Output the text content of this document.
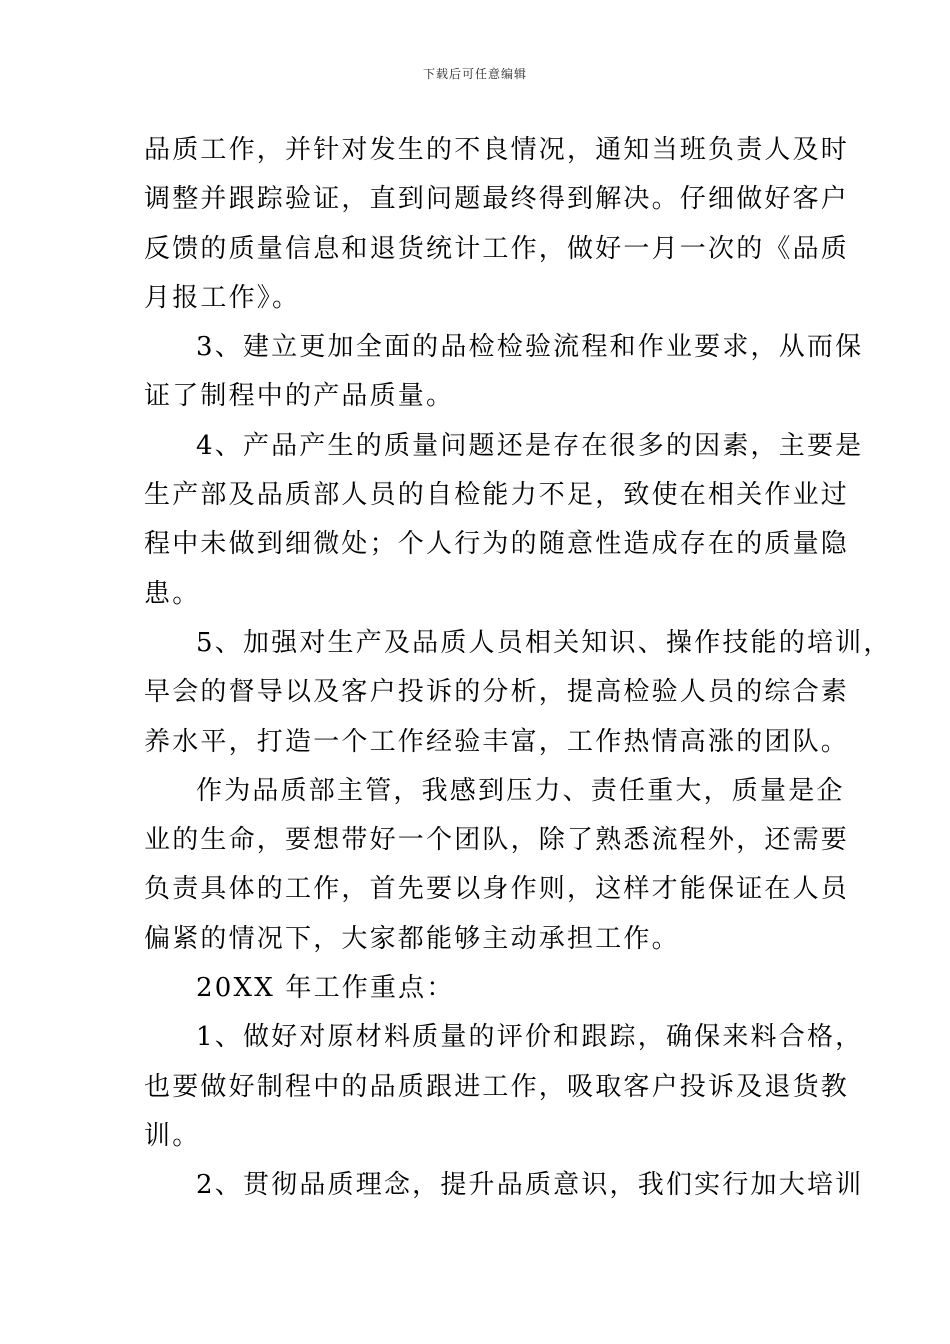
下载后可任意编辑
品质工作，并针对发生的不良情况，通知当班负责人及时
调整并跟踪验证，直到问题最终得到解决。仔细做好客户
反馈的质量信息和退货统计工作，做好一月一次的《品质
月报工作》。
3、建立更加全面的品检检验流程和作业要求，从而保
证了制程中的产品质量。
4、产品产生的质量问题还是存在很多的因素，主要是
生产部及品质部人员的自检能力不足，致使在相关作业过
程中未做到细微处；个人行为的随意性造成存在的质量隐
患。
5、加强对生产及品质人员相关知识、操作技能的培训，
早会的督导以及客户投诉的分析，提高检验人员的综合素
养水平，打造一个工作经验丰富，工作热情高涨的团队。
作为品质部主管，我感到压力、责任重大，质量是企
业的生命，要想带好一个团队，除了熟悉流程外，还需要
负责具体的工作，首先要以身作则，这样才能保证在人员
偏紧的情况下，大家都能够主动承担工作。
20XX 年工作重点：
1、做好对原材料质量的评价和跟踪，确保来料合格，
也要做好制程中的品质跟进工作，吸取客户投诉及退货教
训。
2、贯彻品质理念，提升品质意识，我们实行加大培训
